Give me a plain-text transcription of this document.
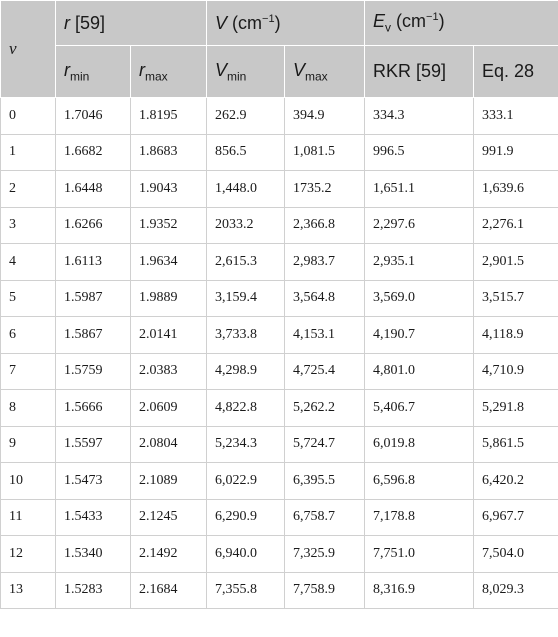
ν	r [59]		V $(cm^{-1})$		$E_v$ $(cm^{-1})$	
	$r_{min}$	$r_{max}$	$V_{min}$	$V_{max}$	RKR [59]	Eq. 28
0	1.7046	1.8195	262.9	394.9	334.3	333.1
1	1.6682	1.8683	856.5	1,081.5	996.5	991.9
2	1.6448	1.9043	1,448.0	1735.2	1,651.1	1,639.6
3	1.6266	1.9352	2033.2	2,366.8	2,297.6	2,276.1
4	1.6113	1.9634	2,615.3	2,983.7	2,935.1	2,901.5
5	1.5987	1.9889	3,159.4	3,564.8	3,569.0	3,515.7
6	1.5867	2.0141	3,733.8	4,153.1	4,190.7	4,118.9
7	1.5759	2.0383	4,298.9	4,725.4	4,801.0	4,710.9
8	1.5666	2.0609	4,822.8	5,262.2	5,406.7	5,291.8
9	1.5597	2.0804	5,234.3	5,724.7	6,019.8	5,861.5
10	1.5473	2.1089	6,022.9	6,395.5	6,596.8	6,420.2
11	1.5433	2.1245	6,290.9	6,758.7	7,178.8	6,967.7
12	1.5340	2.1492	6,940.0	7,325.9	7,751.0	7,504.0
13	1.5283	2.1684	7,355.8	7,758.9	8,316.9	8,029.3
